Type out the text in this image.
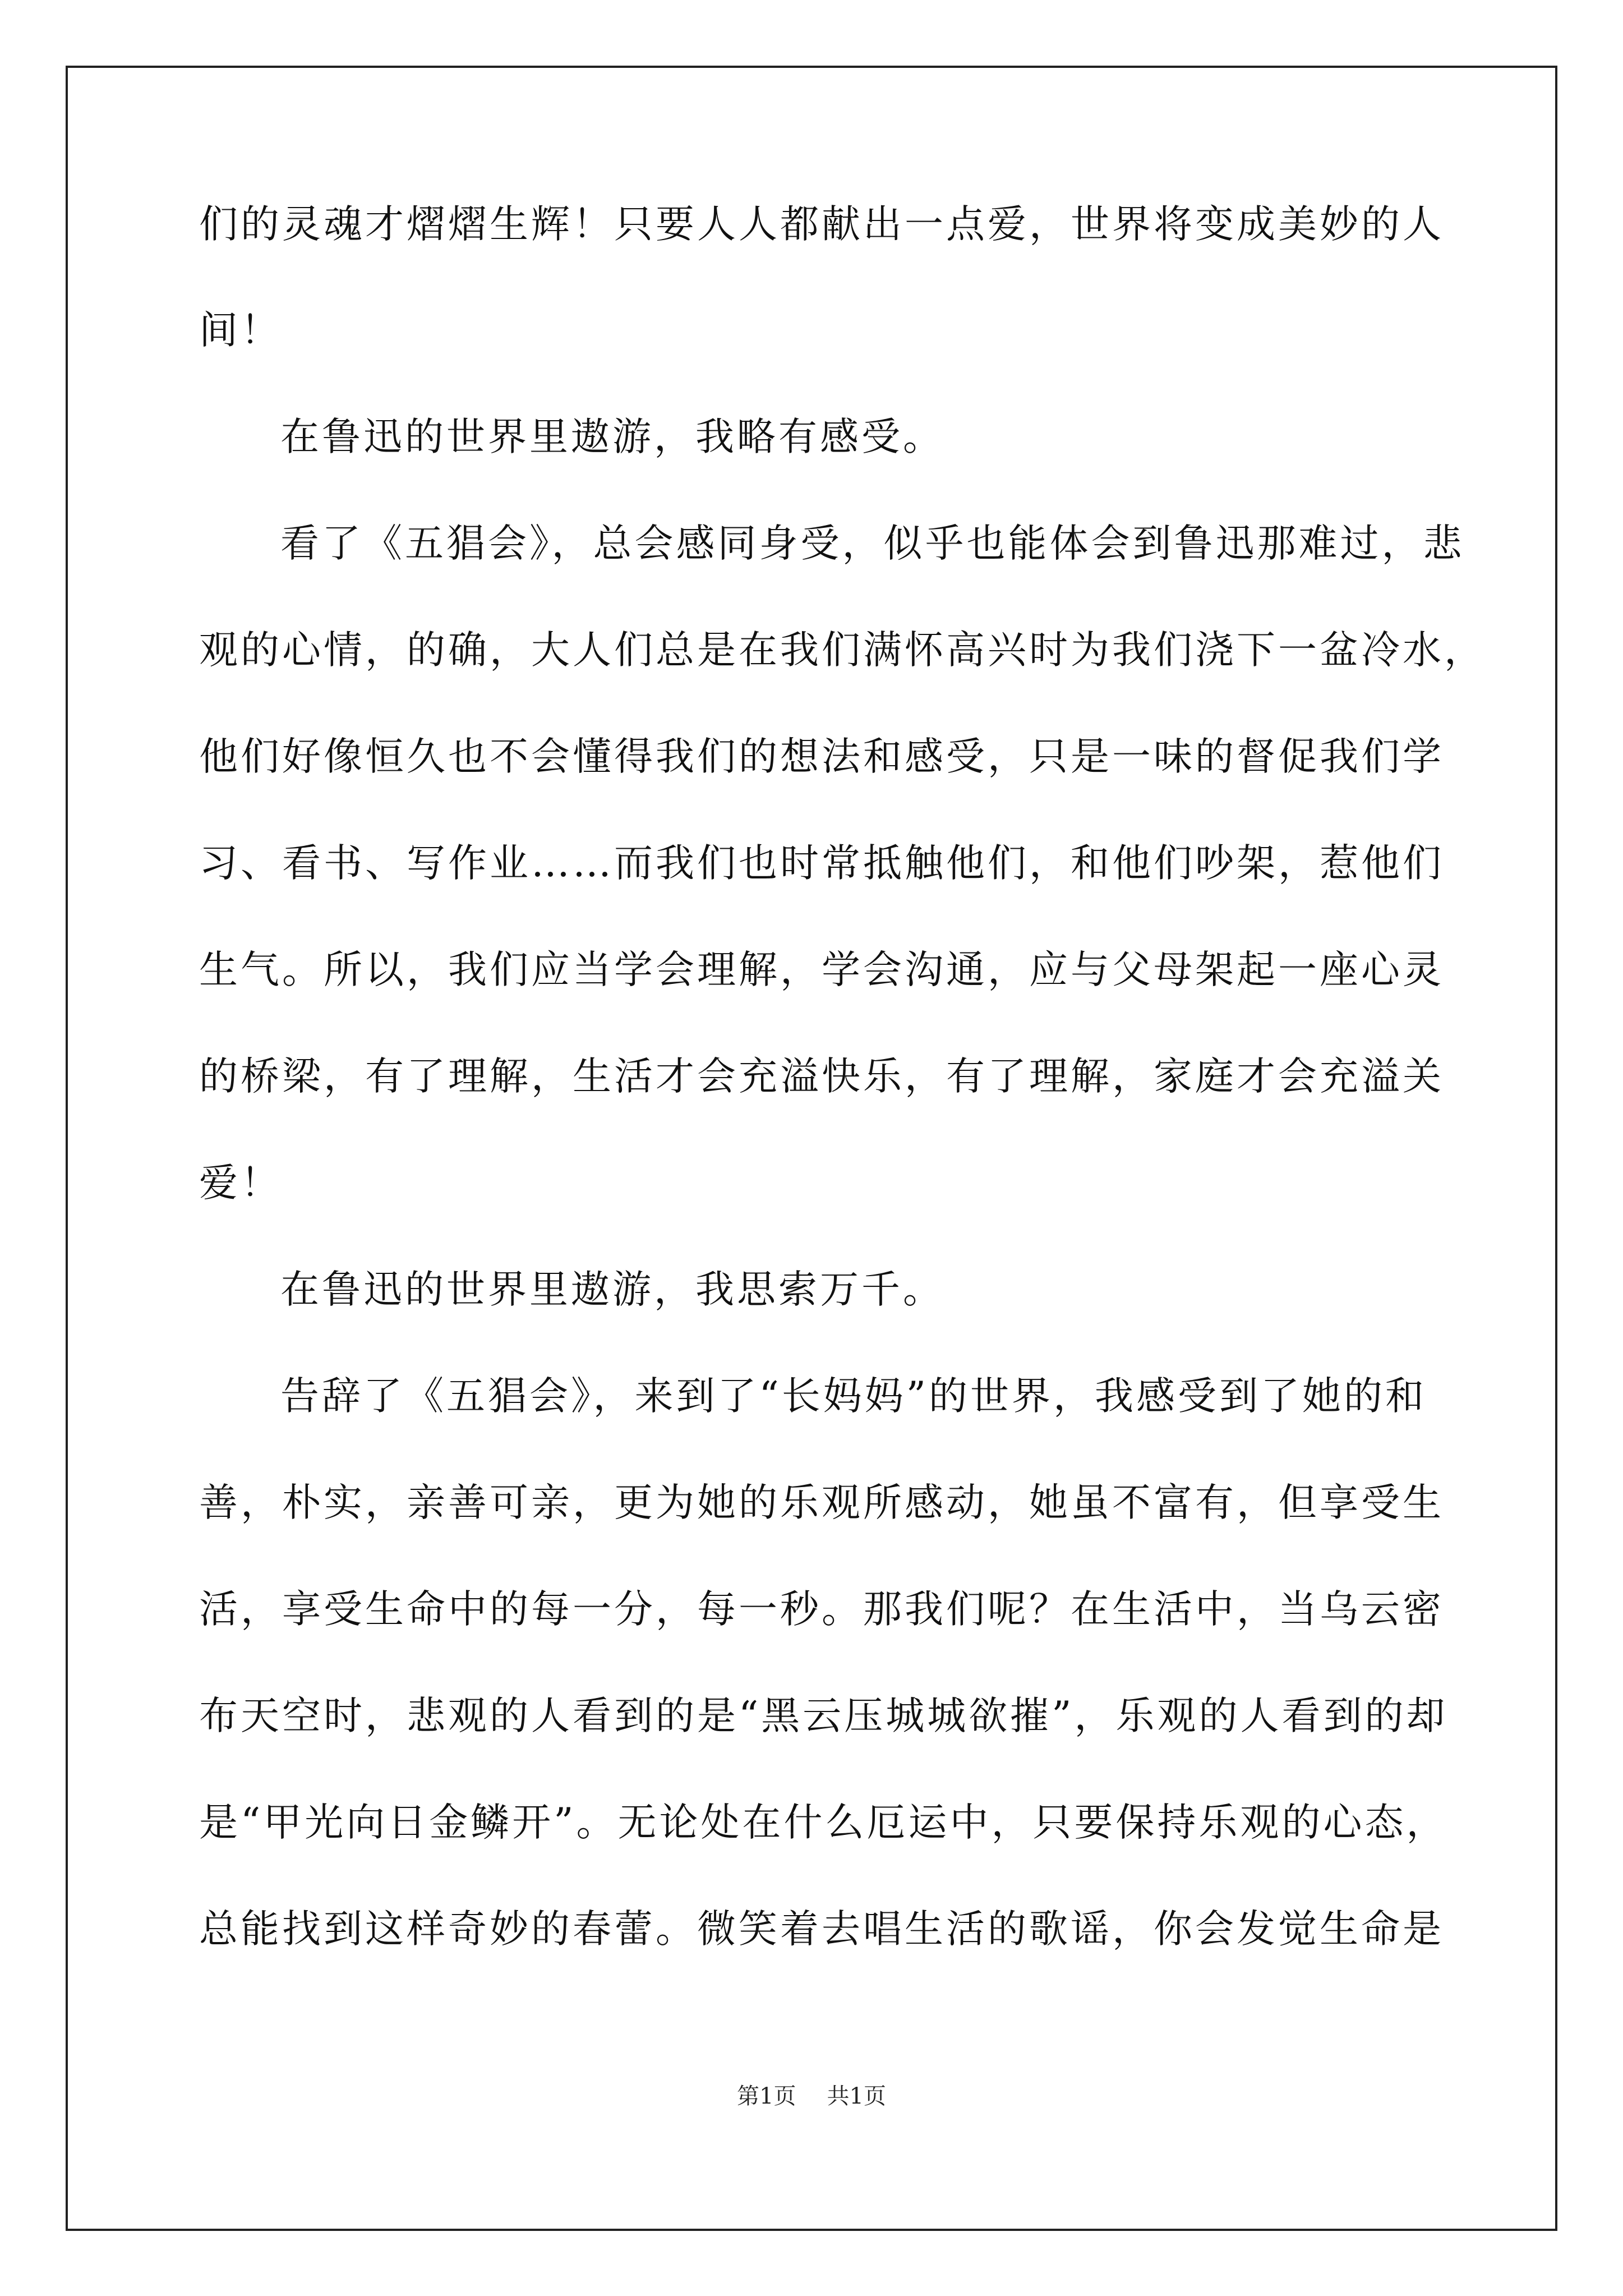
们的灵魂才熠熠生辉！只要人人都献出一点爱，世界将变成美妙的人
间！
在鲁迅的世界里遨游，我略有感受。
看了《五猖会》，总会感同身受，似乎也能体会到鲁迅那难过，悲
观的心情，的确，大人们总是在我们满怀高兴时为我们浇下一盆冷水，
他们好像恒久也不会懂得我们的想法和感受，只是一味的督促我们学
习、看书、写作业……而我们也时常抵触他们，和他们吵架，惹他们
生气。所以，我们应当学会理解，学会沟通，应与父母架起一座心灵
的桥梁，有了理解，生活才会充溢快乐，有了理解，家庭才会充溢关
爱！
在鲁迅的世界里遨游，我思索万千。
告辞了《五猖会》，来到了“长妈妈”的世界，我感受到了她的和
善，朴实，亲善可亲，更为她的乐观所感动，她虽不富有，但享受生
活，享受生命中的每一分，每一秒。那我们呢？在生活中，当乌云密
布天空时，悲观的人看到的是“黑云压城城欲摧”，乐观的人看到的却
是“甲光向日金鳞开”。无论处在什么厄运中，只要保持乐观的心态，
总能找到这样奇妙的春蕾。微笑着去唱生活的歌谣，你会发觉生命是
第1页 共1页
